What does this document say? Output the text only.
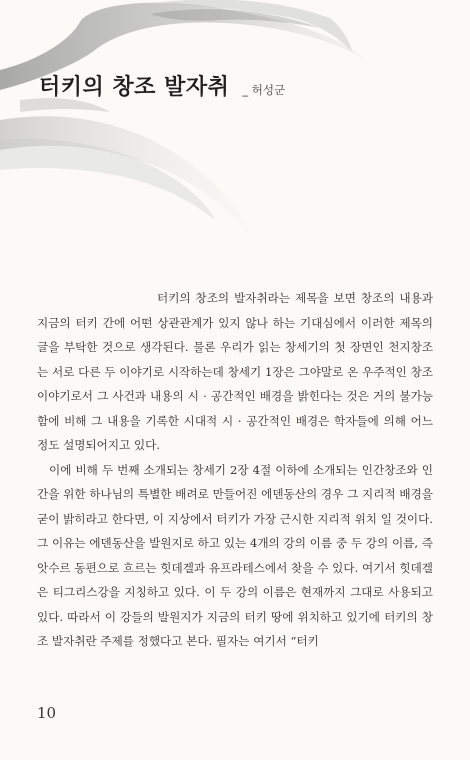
터키의 창조 발자취 _ 허성군

터키의 창조의 발자취라는 제목을 보면 창조의 내용과 지금의 터키 간에 어떤 상관관계가 있지 않나 하는 기대심에서 이러한 제목의 글을 부탁한 것으로 생각된다. 물론 우리가 읽는 창세기의 첫 장면인 천지창조는 서로 다른 두 이야기로 시작하는데 창세기 1장은 그야말로 온 우주적인 창조 이야기로서 그 사건과 내용의 시 · 공간적인 배경을 밝힌다는 것은 거의 불가능함에 비해 그 내용을 기록한 시대적 시 · 공간적인 배경은 학자들에 의해 어느 정도 설명되어지고 있다.

이에 비해 두 번째 소개되는 창세기 2장 4절 이하에 소개되는 인간창조와 인간을 위한 하나님의 특별한 배려로 만들어진 에덴동산의 경우 그 지리적 배경을 굳이 밝히라고 한다면, 이 지상에서 터키가 가장 근시한 지리적 위치 일 것이다. 그 이유는 에덴동산을 발원지로 하고 있는 4개의 강의 이름 중 두 강의 이름, 즉 앗수르 동편으로 흐르는 힛데겔과 유프라테스에서 찾을 수 있다. 여기서 힛데겔은 티그리스강을 지칭하고 있다. 이 두 강의 이름은 현재까지 그대로 사용되고 있다. 따라서 이 강들의 발원지가 지금의 터키 땅에 위치하고 있기에 터키의 창조 발자취란 주제를 정했다고 본다. 필자는 여기서 “터키

10
